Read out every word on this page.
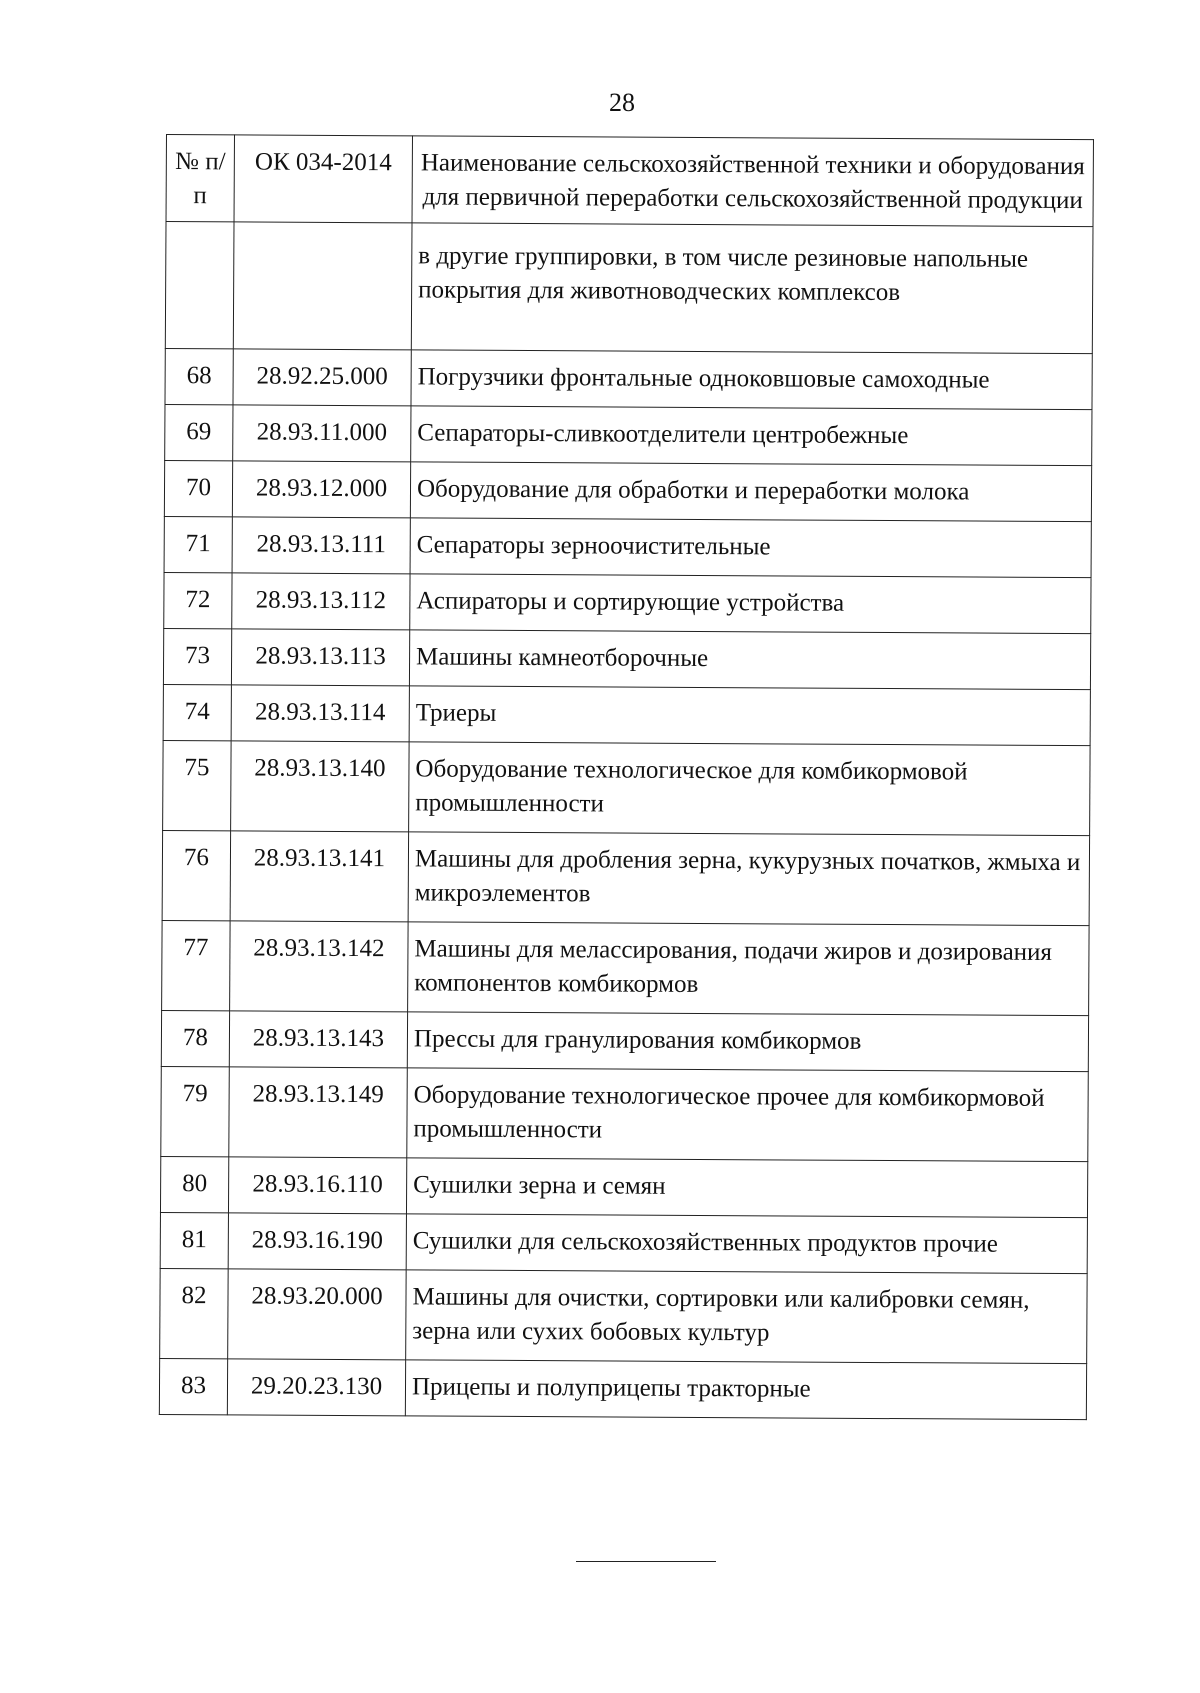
28
№ п/п	ОК 034-2014	Наименование сельскохозяйственной техники и оборудования для первичной переработки сельскохозяйственной продукции
		в другие группировки, в том числе резиновые напольные покрытия для животноводческих комплексов
68	28.92.25.000	Погрузчики фронтальные одноковшовые самоходные
69	28.93.11.000	Сепараторы-сливкоотделители центробежные
70	28.93.12.000	Оборудование для обработки и переработки молока
71	28.93.13.111	Сепараторы зерноочистительные
72	28.93.13.112	Аспираторы и сортирующие устройства
73	28.93.13.113	Машины камнеотборочные
74	28.93.13.114	Триеры
75	28.93.13.140	Оборудование технологическое для комбикормовой промышленности
76	28.93.13.141	Машины для дробления зерна, кукурузных початков, жмыха и микроэлементов
77	28.93.13.142	Машины для мелассирования, подачи жиров и дозирования компонентов комбикормов
78	28.93.13.143	Прессы для гранулирования комбикормов
79	28.93.13.149	Оборудование технологическое прочее для комбикормовой промышленности
80	28.93.16.110	Сушилки зерна и семян
81	28.93.16.190	Сушилки для сельскохозяйственных продуктов прочие
82	28.93.20.000	Машины для очистки, сортировки или калибровки семян, зерна или сухих бобовых культур
83	29.20.23.130	Прицепы и полуприцепы тракторные
